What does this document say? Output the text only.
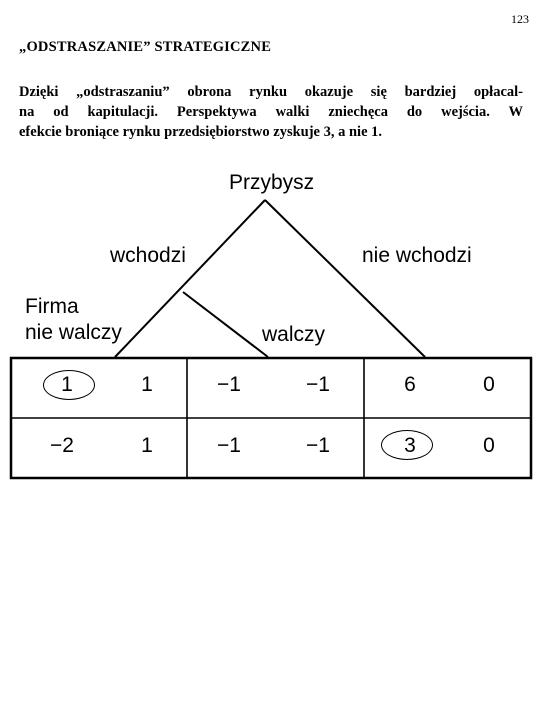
123
„ODSTRASZANIE” STRATEGICZNE
Dzięki „odstraszaniu” obrona rynku okazuje się bardziej opłacal-
na od kapitulacji. Perspektywa walki zniechęca do wejścia. W
efekcie broniące rynku przedsiębiorstwo zyskuje 3, a nie 1.
Przybysz
wchodzi	nie wchodzi
Firma
nie walczy	walczy
1	1	−1	−1	6	0
−2	1	−1	−1	3	0
